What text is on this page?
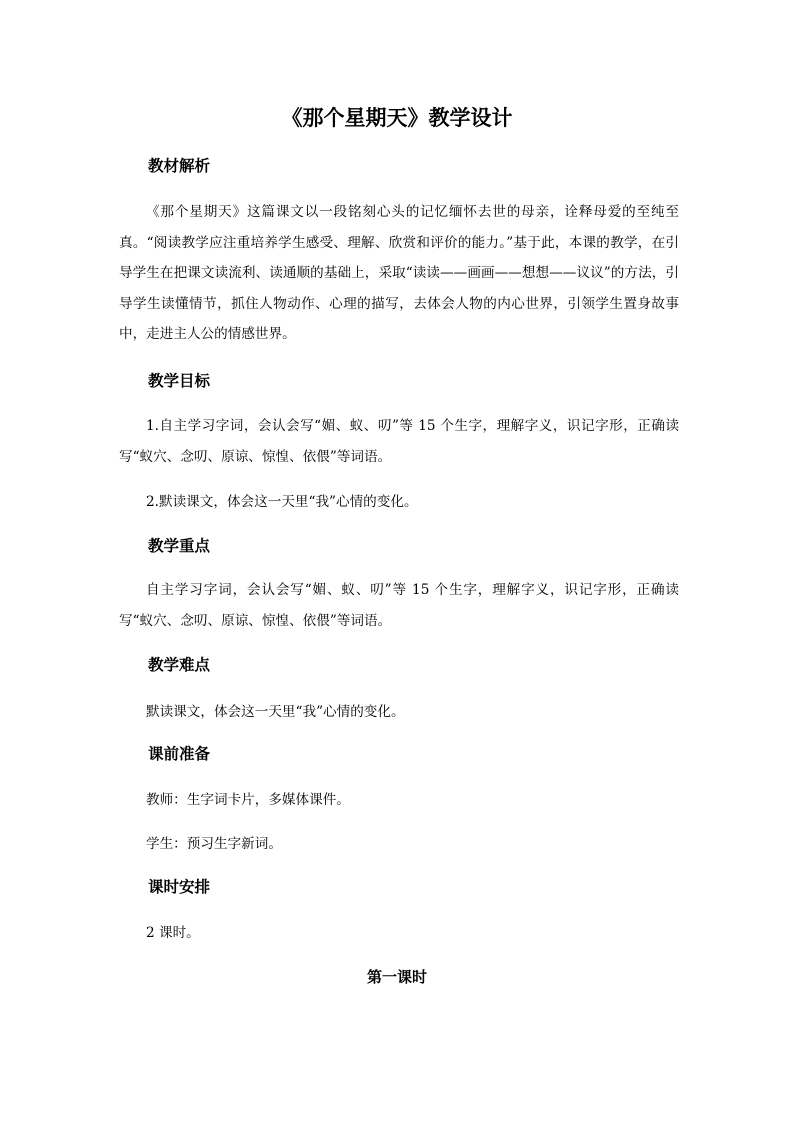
《那个星期天》教学设计
教材解析

《那个星期天》这篇课文以一段铭刻心头的记忆缅怀去世的母亲，诠释母爱的至纯至真。“阅读教学应注重培养学生感受、理解、欣赏和评价的能力。”基于此，本课的教学，在引导学生在把课文读流利、读通顺的基础上，采取“读读——画画——想想——议议”的方法，引导学生读懂情节，抓住人物动作、心理的描写，去体会人物的内心世界，引领学生置身故事中，走进主人公的情感世界。

教学目标

1.自主学习字词，会认会写“媚、蚁、叨”等 15 个生字，理解字义，识记字形，正确读写“蚁穴、念叨、原谅、惊惶、依偎”等词语。

2.默读课文，体会这一天里“我”心情的变化。

教学重点

自主学习字词，会认会写“媚、蚁、叨”等 15 个生字，理解字义，识记字形，正确读写“蚁穴、念叨、原谅、惊惶、依偎”等词语。

教学难点

默读课文，体会这一天里“我”心情的变化。

课前准备

教师：生字词卡片，多媒体课件。

学生：预习生字新词。

课时安排

2 课时。

第一课时
